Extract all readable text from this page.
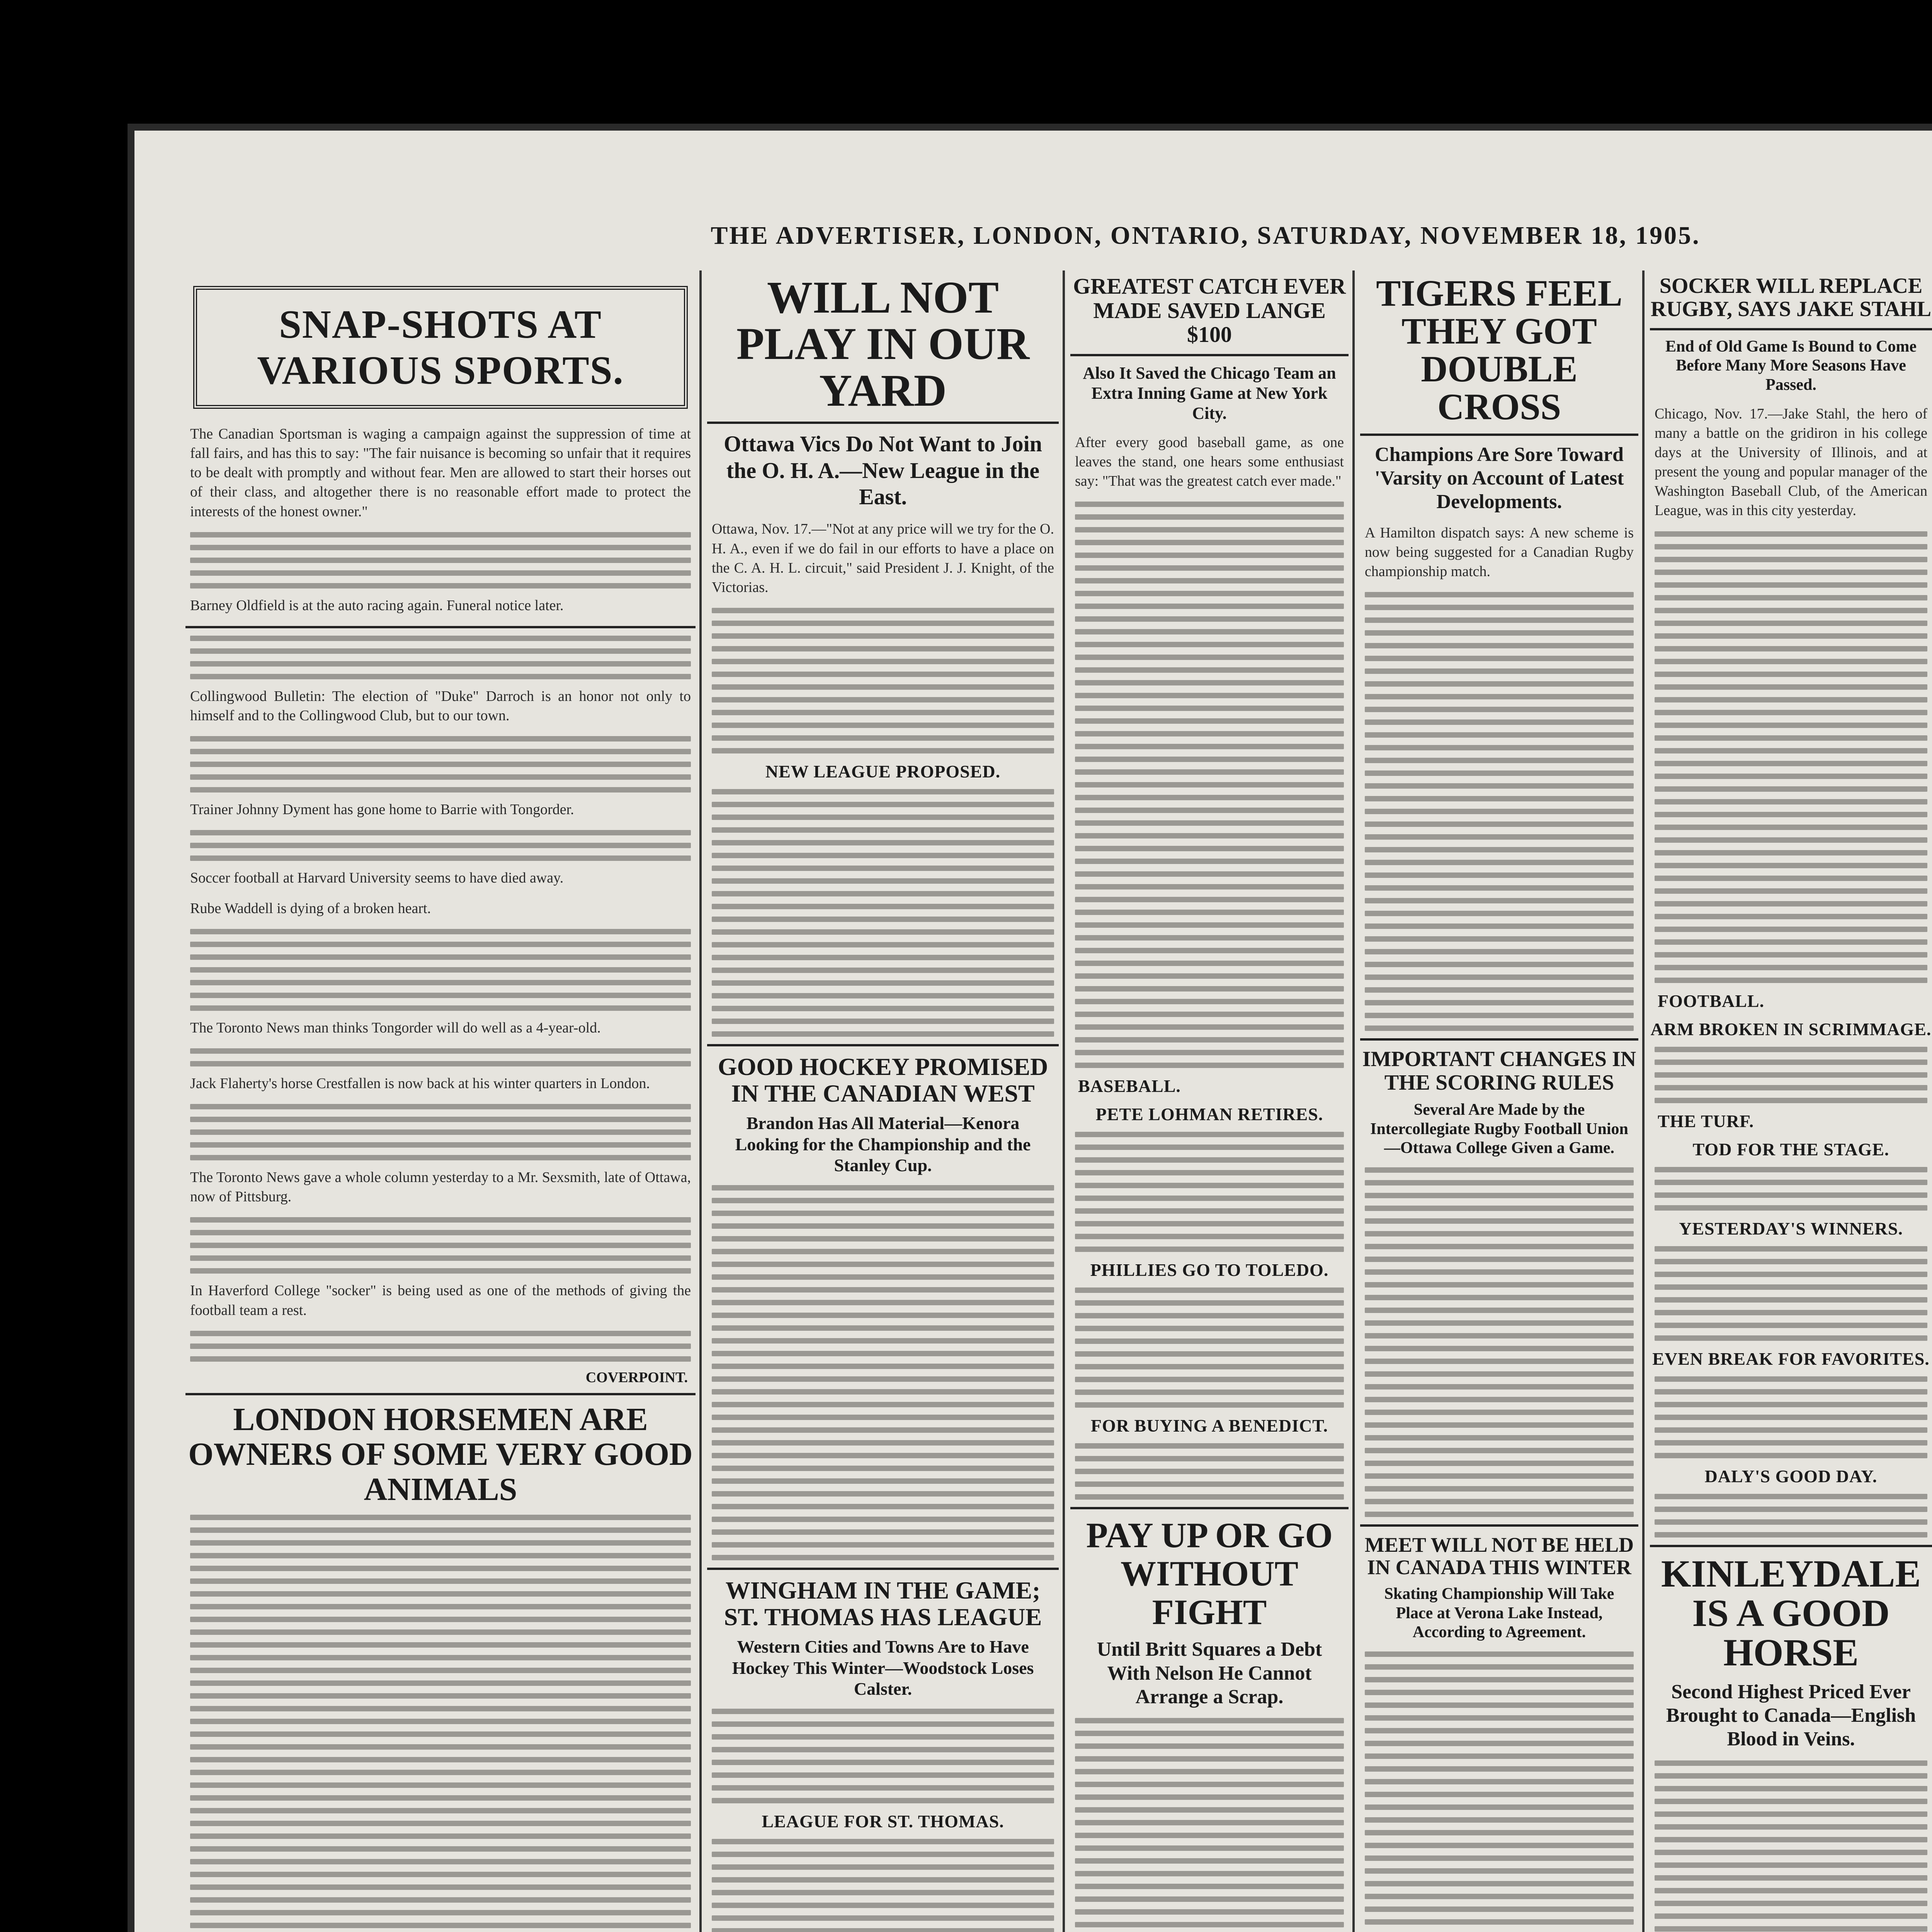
THE ADVERTISER, LONDON, ONTARIO, SATURDAY, NOVEMBER 18, 1905.
SNAP-SHOTS AT VARIOUS SPORTS.
The Canadian Sportsman is waging a campaign against the suppression of time at fall fairs, and has this to say: "The fair nuisance is becoming so unfair that it requires to be dealt with promptly and without fear. Men are allowed to start their horses out of their class, and altogether there is no reasonable effort made to protect the interests of the honest owner."
Barney Oldfield is at the auto racing again. Funeral notice later.
Collingwood Bulletin: The election of "Duke" Darroch is an honor not only to himself and to the Collingwood Club, but to our town.
Trainer Johnny Dyment has gone home to Barrie with Tongorder.
Soccer football at Harvard University seems to have died away.
Rube Waddell is dying of a broken heart.
The Toronto News man thinks Tongorder will do well as a 4-year-old.
Jack Flaherty's horse Crestfallen is now back at his winter quarters in London.
The Toronto News gave a whole column yesterday to a Mr. Sexsmith, late of Ottawa, now of Pittsburg.
In Haverford College "socker" is being used as one of the methods of giving the football team a rest.
COVERPOINT.
LONDON HORSEMEN ARE OWNERS OF SOME VERY GOOD ANIMALS
WILL NOT PLAY IN OUR YARD
Ottawa Vics Do Not Want to Join the O. H. A.—New League in the East.
Ottawa, Nov. 17.—"Not at any price will we try for the O. H. A., even if we do fail in our efforts to have a place on the C. A. H. L. circuit," said President J. J. Knight, of the Victorias.
NEW LEAGUE PROPOSED.
GOOD HOCKEY PROMISED IN THE CANADIAN WEST
Brandon Has All Material—Kenora Looking for the Championship and the Stanley Cup.
WINGHAM IN THE GAME; ST. THOMAS HAS LEAGUE
Western Cities and Towns Are to Have Hockey This Winter—Woodstock Loses Calster.
LEAGUE FOR ST. THOMAS.
GREATEST CATCH EVER MADE SAVED LANGE $100
Also It Saved the Chicago Team an Extra Inning Game at New York City.
After every good baseball game, as one leaves the stand, one hears some enthusiast say: "That was the greatest catch ever made."
BASEBALL.
PETE LOHMAN RETIRES.
PHILLIES GO TO TOLEDO.
FOR BUYING A BENEDICT.
PAY UP OR GO WITHOUT FIGHT
Until Britt Squares a Debt With Nelson He Cannot Arrange a Scrap.
TIGERS FEEL THEY GOT DOUBLE CROSS
Champions Are Sore Toward 'Varsity on Account of Latest Developments.
A Hamilton dispatch says: A new scheme is now being suggested for a Canadian Rugby championship match.
IMPORTANT CHANGES IN THE SCORING RULES
Several Are Made by the Intercollegiate Rugby Football Union—Ottawa College Given a Game.
MEET WILL NOT BE HELD IN CANADA THIS WINTER
Skating Championship Will Take Place at Verona Lake Instead, According to Agreement.
SOCKER WILL REPLACE RUGBY, SAYS JAKE STAHL
End of Old Game Is Bound to Come Before Many More Seasons Have Passed.
Chicago, Nov. 17.—Jake Stahl, the hero of many a battle on the gridiron in his college days at the University of Illinois, and at present the young and popular manager of the Washington Baseball Club, of the American League, was in this city yesterday.
FOOTBALL.
ARM BROKEN IN SCRIMMAGE.
THE TURF.
TOD FOR THE STAGE.
YESTERDAY'S WINNERS.
EVEN BREAK FOR FAVORITES.
DALY'S GOOD DAY.
KINLEYDALE IS A GOOD HORSE
Second Highest Priced Ever Brought to Canada—English Blood in Veins.
